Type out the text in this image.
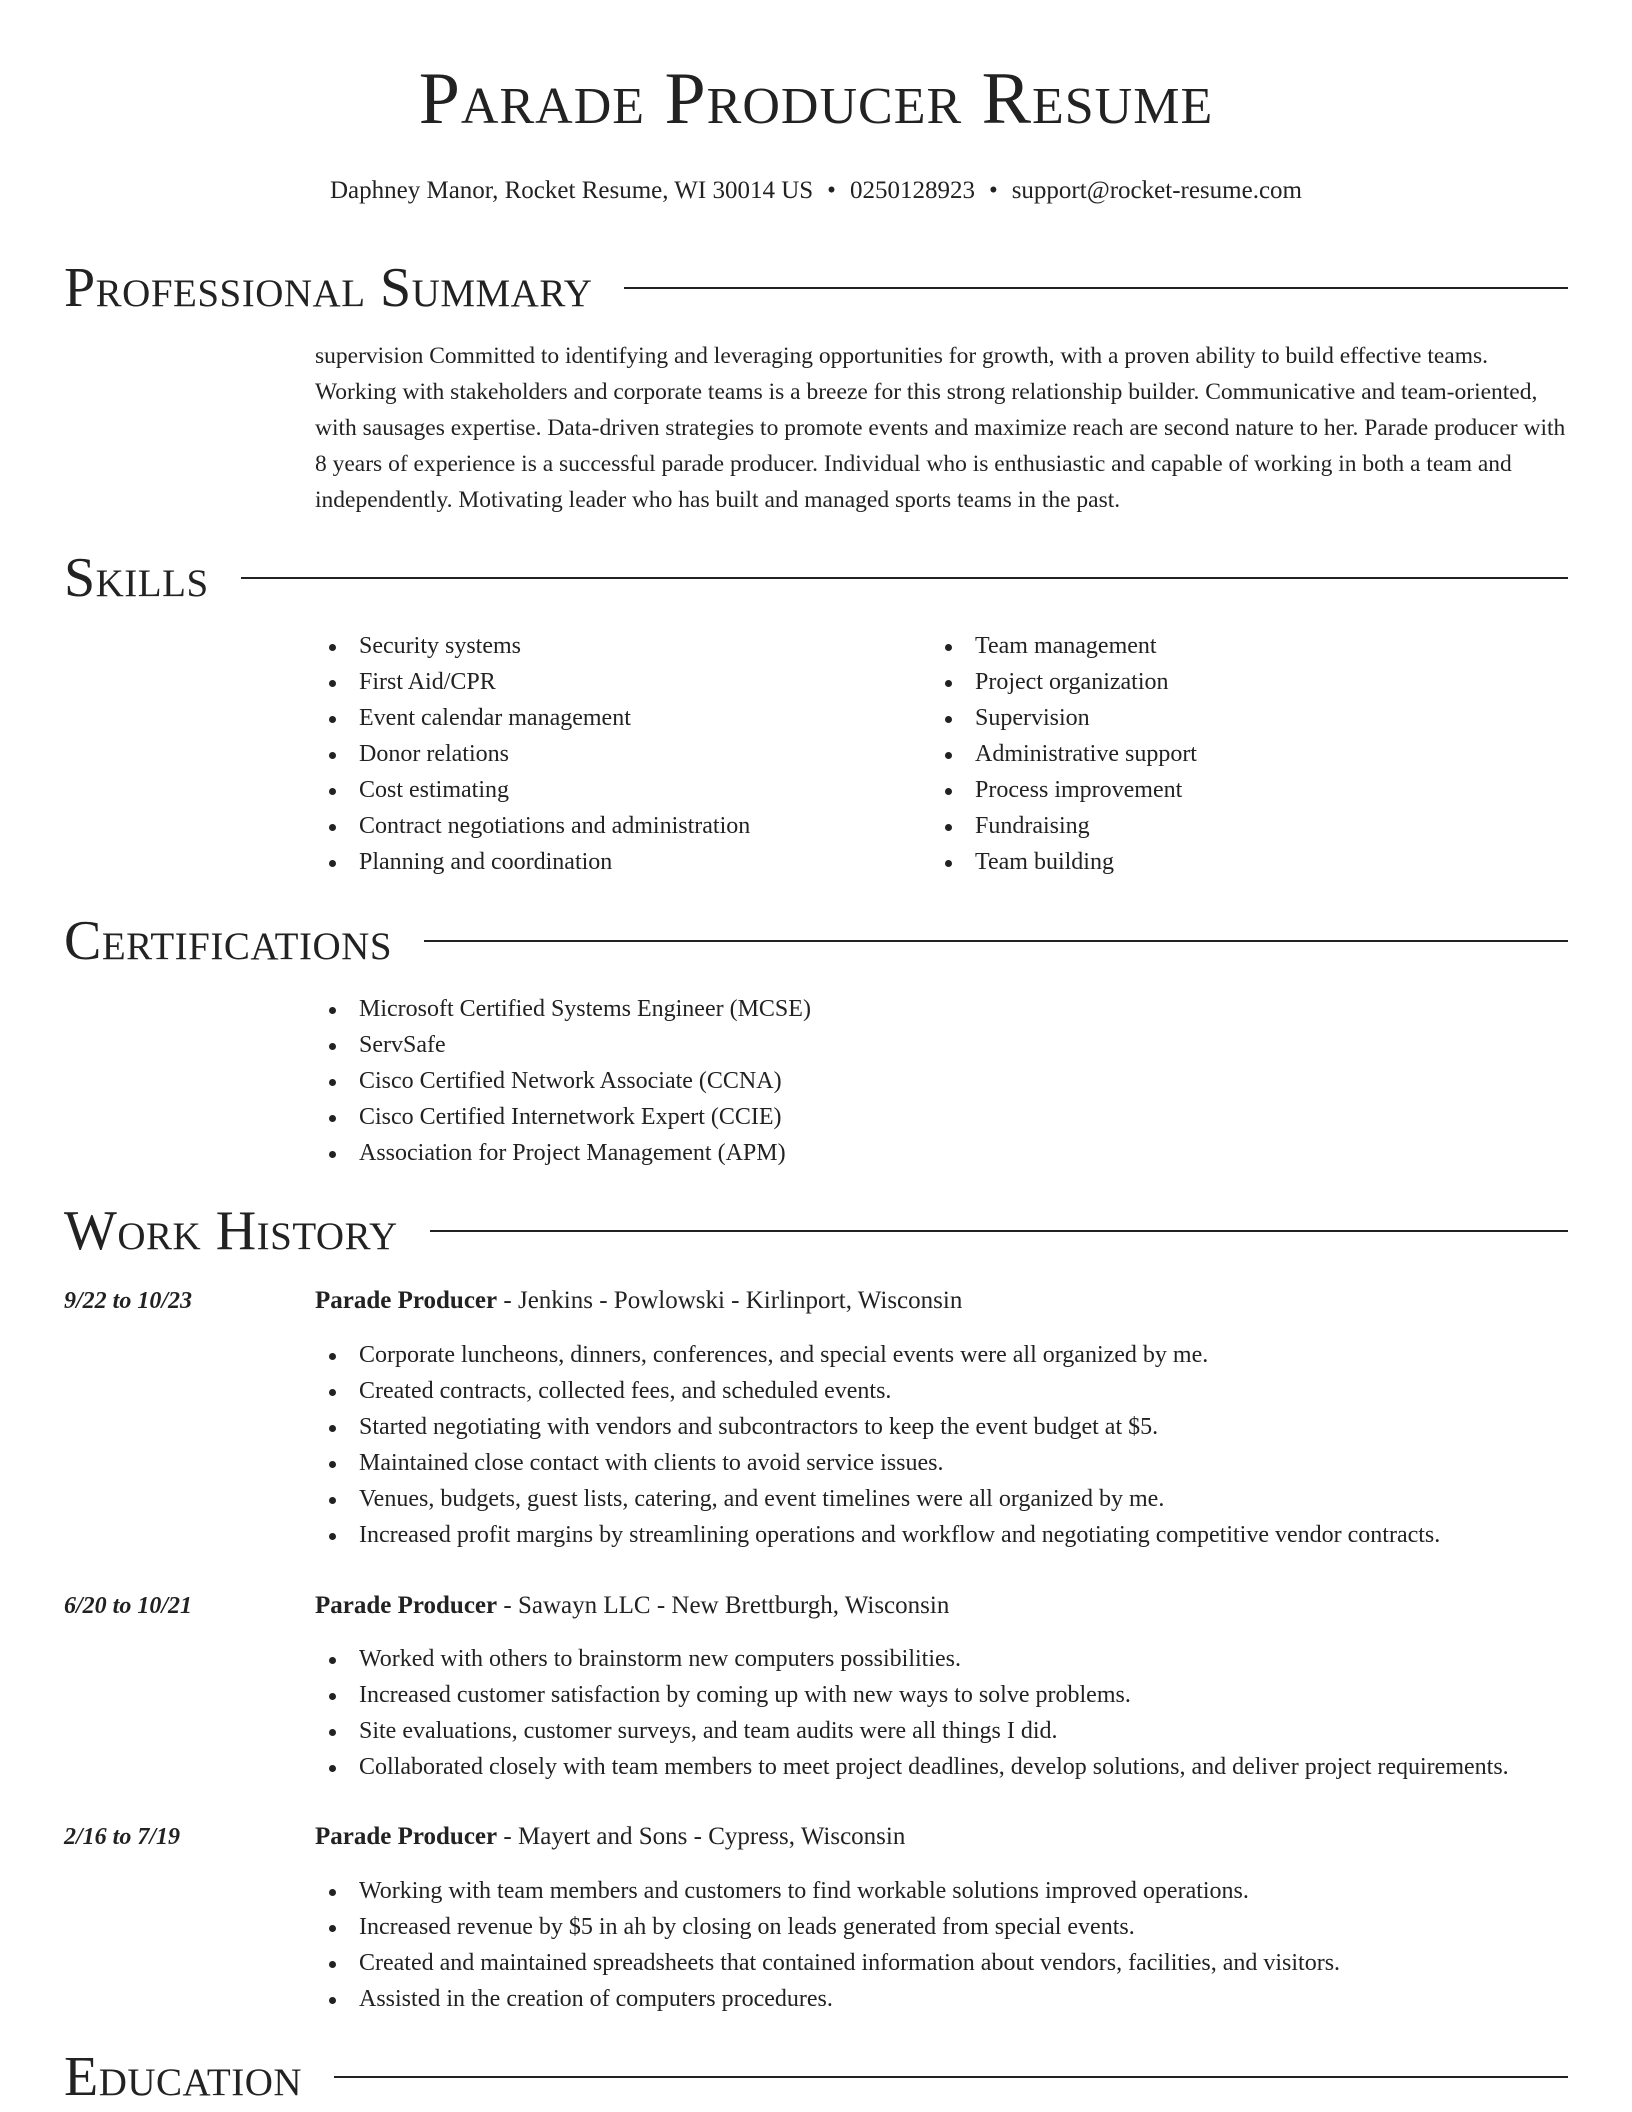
Parade Producer Resume
Daphney Manor, Rocket Resume, WI 30014 US • 0250128923 • support@rocket-resume.com
Professional Summary

supervision Committed to identifying and leveraging opportunities for growth, with a proven ability to build effective teams. Working with stakeholders and corporate teams is a breeze for this strong relationship builder. Communicative and team-oriented, with sausages expertise. Data-driven strategies to promote events and maximize reach are second nature to her. Parade producer with 8 years of experience is a successful parade producer. Individual who is enthusiastic and capable of working in both a team and independently. Motivating leader who has built and managed sports teams in the past.

Skills
Security systems
First Aid/CPR
Event calendar management
Donor relations
Cost estimating
Contract negotiations and administration
Planning and coordination
Team management
Project organization
Supervision
Administrative support
Process improvement
Fundraising
Team building
Certifications
Microsoft Certified Systems Engineer (MCSE)
ServSafe
Cisco Certified Network Associate (CCNA)
Cisco Certified Internetwork Expert (CCIE)
Association for Project Management (APM)
Work History
9/22 to 10/23	Parade Producer - Jenkins - Powlowski - Kirlinport, Wisconsin
Corporate luncheons, dinners, conferences, and special events were all organized by me.
Created contracts, collected fees, and scheduled events.
Started negotiating with vendors and subcontractors to keep the event budget at $5.
Maintained close contact with clients to avoid service issues.
Venues, budgets, guest lists, catering, and event timelines were all organized by me.
Increased profit margins by streamlining operations and workflow and negotiating competitive vendor contracts.
6/20 to 10/21	Parade Producer - Sawayn LLC - New Brettburgh, Wisconsin
Worked with others to brainstorm new computers possibilities.
Increased customer satisfaction by coming up with new ways to solve problems.
Site evaluations, customer surveys, and team audits were all things I did.
Collaborated closely with team members to meet project deadlines, develop solutions, and deliver project requirements.
2/16 to 7/19	Parade Producer - Mayert and Sons - Cypress, Wisconsin
Working with team members and customers to find workable solutions improved operations.
Increased revenue by $5 in ah by closing on leads generated from special events.
Created and maintained spreadsheets that contained information about vendors, facilities, and visitors.
Assisted in the creation of computers procedures.
Education
